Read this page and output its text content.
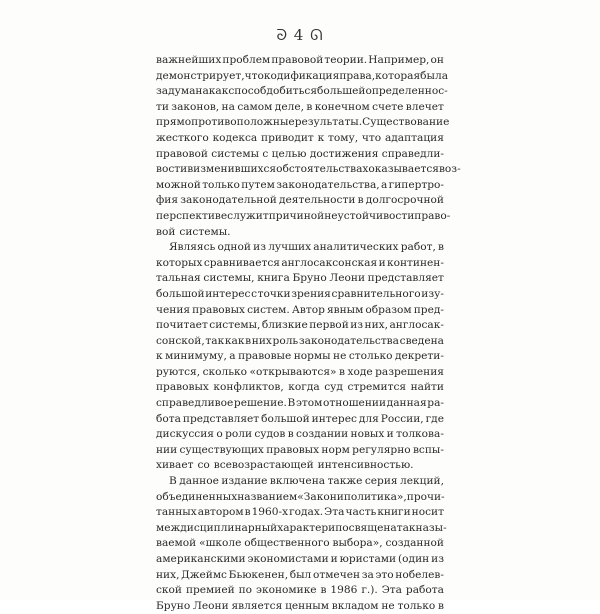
ᘐ 4 ᘏ
важнейших проблем правовой теории. Например, он
демонстрирует, что кодификация права, которая была
задумана как способ добиться большей определеннос-
ти законов, на самом деле, в конечном счете влечет
прямо противоположные результаты. Существование
жесткого кодекса приводит к тому, что адаптация
правовой системы с целью достижения справедли-
вости в изменившихся обстоятельствах оказывается воз-
можной только путем законодательства, а гипертро-
фия законодательной деятельности в долгосрочной
перспективе служит причиной неустойчивости право-
вой системы.
Являясь одной из лучших аналитических работ, в
которых сравнивается англосаксонская и континен-
тальная системы, книга Бруно Леони представляет
большой интерес с точки зрения сравнительного изу-
чения правовых систем. Автор явным образом пред-
почитает системы, близкие первой из них, англосак-
сонской, так как в них роль законодательства сведена
к минимуму, а правовые нормы не столько декрети-
руются, сколько «открываются» в ходе разрешения
правовых конфликтов, когда суд стремится найти
справедливое решение. В этом отношении данная ра-
бота представляет большой интерес для России, где
дискуссия о роли судов в создании новых и толкова-
нии существующих правовых норм регулярно вспы-
хивает со всевозрастающей интенсивностью.
В данное издание включена также серия лекций,
объединенных названием «Закон и политика», прочи-
танных автором в 1960-х годах. Эта часть книги носит
междисциплинарный характер и посвящена так назы-
ваемой «школе общественного выбора», созданной
американскими экономистами и юристами (один из
них, Джеймс Бьюкенен, был отмечен за это нобелев-
ской премией по экономике в 1986 г.). Эта работа
Бруно Леони является ценным вкладом не только в
